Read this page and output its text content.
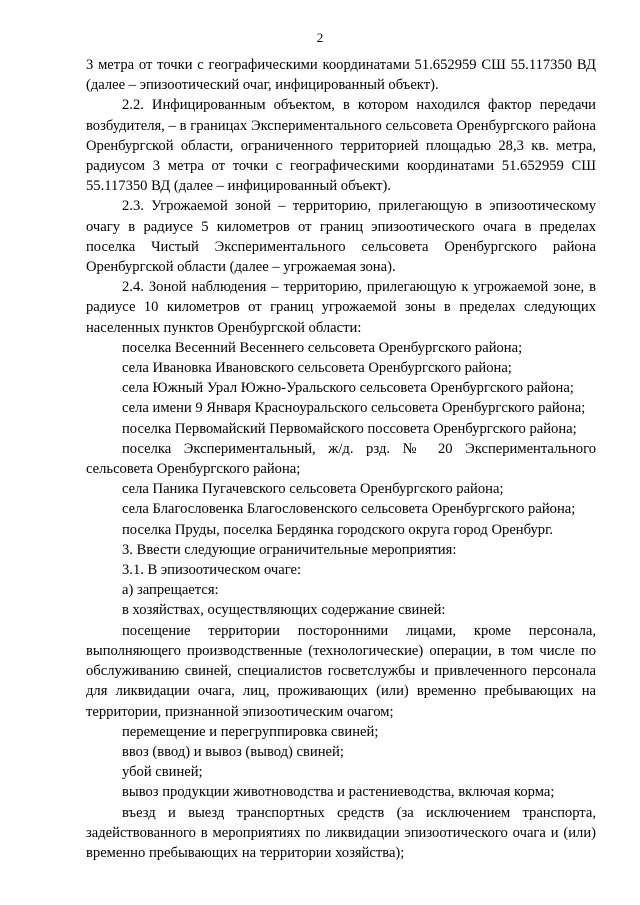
2

3 метра от точки с географическими координатами 51.652959 СШ 55.117350 ВД (далее – эпизоотический очаг, инфицированный объект).

2.2. Инфицированным объектом, в котором находился фактор передачи возбудителя, – в границах Экспериментального сельсовета Оренбургского района Оренбургской области, ограниченного территорией площадью 28,3 кв. метра, радиусом 3 метра от точки с географическими координатами 51.652959 СШ 55.117350 ВД (далее – инфицированный объект).

2.3. Угрожаемой зоной – территорию, прилегающую в эпизоотическому очагу в радиусе 5 километров от границ эпизоотического очага в пределах поселка Чистый Экспериментального сельсовета Оренбургского района Оренбургской области (далее – угрожаемая зона).

2.4. Зоной наблюдения – территорию, прилегающую к угрожаемой зоне, в радиусе 10 километров от границ угрожаемой зоны в пределах следующих населенных пунктов Оренбургской области:

поселка Весенний Весеннего сельсовета Оренбургского района;

села Ивановка Ивановского сельсовета Оренбургского района;

села Южный Урал Южно-Уральского сельсовета Оренбургского района;

села имени 9 Января Красноуральского сельсовета Оренбургского района;

поселка Первомайский Первомайского поссовета Оренбургского района;

поселка Экспериментальный, ж/д. рзд. № 20 Экспериментального сельсовета Оренбургского района;

села Паника Пугачевского сельсовета Оренбургского района;

села Благословенка Благословенского сельсовета Оренбургского района;

поселка Пруды, поселка Бердянка городского округа город Оренбург.

3. Ввести следующие ограничительные мероприятия:

3.1. В эпизоотическом очаге:

а) запрещается:

в хозяйствах, осуществляющих содержание свиней:

посещение территории посторонними лицами, кроме персонала, выполняющего производственные (технологические) операции, в том числе по обслуживанию свиней, специалистов госветслужбы и привлеченного персонала для ликвидации очага, лиц, проживающих (или) временно пребывающих на территории, признанной эпизоотическим очагом;

перемещение и перегруппировка свиней;

ввоз (ввод) и вывоз (вывод) свиней;

убой свиней;

вывоз продукции животноводства и растениеводства, включая корма;

въезд и выезд транспортных средств (за исключением транспорта, задействованного в мероприятиях по ликвидации эпизоотического очага и (или) временно пребывающих на территории хозяйства);
